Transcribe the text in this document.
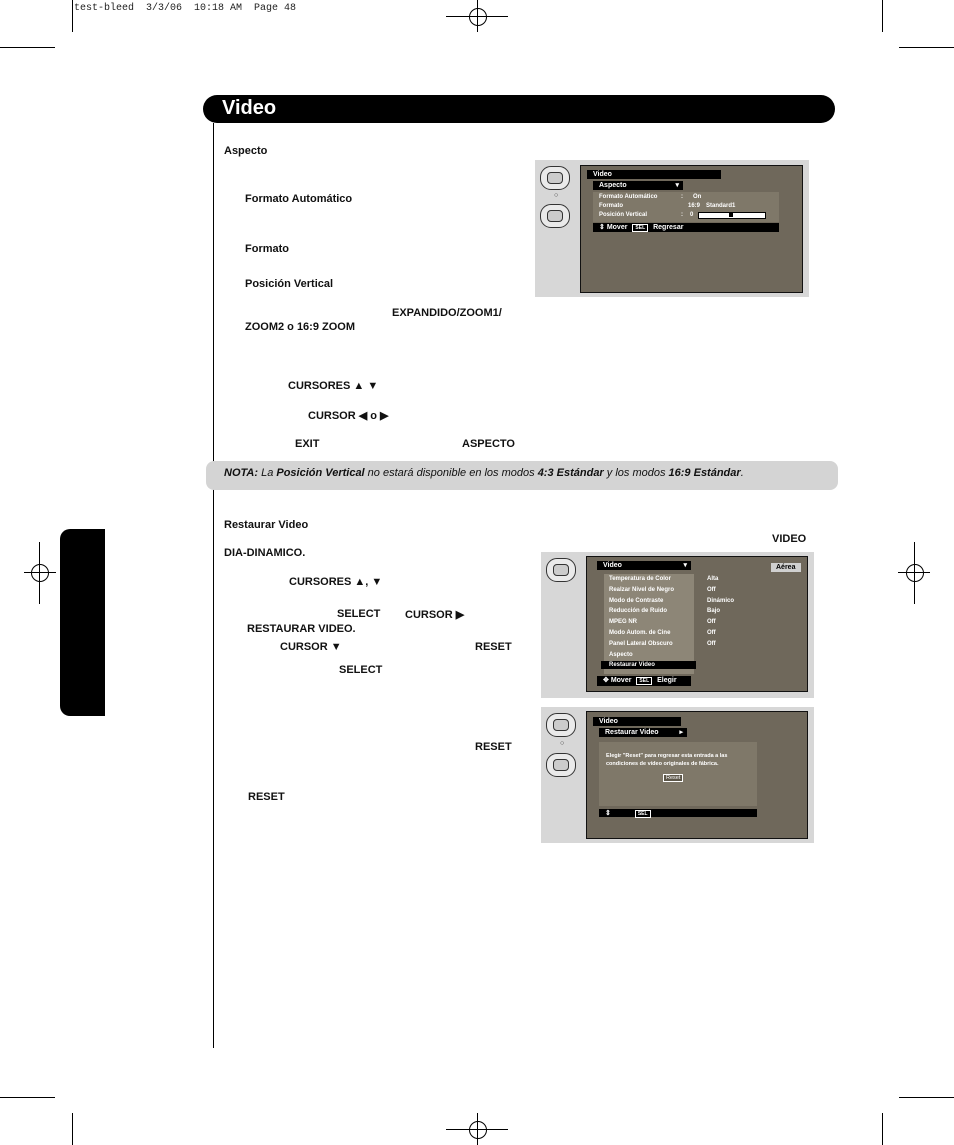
test-bleed  3/3/06  10:18 AM  Page 48
Video
Aspecto
Formato Automático
Formato
Posición Vertical
EXPANDIDO/ZOOM1/
ZOOM2 o 16:9 ZOOM
CURSORES ▲ ▼
CURSOR ◀ o ▶
EXIT	ASPECTO

NOTA: La Posición Vertical no estará disponible en los modos 4:3 Estándar y los modos 16:9 Estándar.

Restaurar Video
VIDEO
DIA-DINAMICO.
CURSORES ▲, ▼
SELECT CURSOR ▶
RESTAURAR VIDEO.
CURSOR ▼	RESET
SELECT
RESET
RESET
○
Video
Aspecto	▾
Formato Automático	: On
Formato	16:9 Standard1
Posición Vertical	: 0
⇕ Mover SEL Regresar
Video	▾	Aérea
Temperatura de Color	Alta
Realzar Nivel de Negro	Off
Modo de Contraste	Dinámico
Reducción de Ruido	Bajo
MPEG NR	Off
Modo Autom. de Cine	Off
Panel Lateral Obscuro	Off
Aspecto
Restaurar Video
✥ Mover SEL Elegir
○
Video
Restaurar Video	▸
Elegir "Reset" para regresar esta entrada a las condiciones de vídeo originales de fábrica.
Reset
⇕	SEL
